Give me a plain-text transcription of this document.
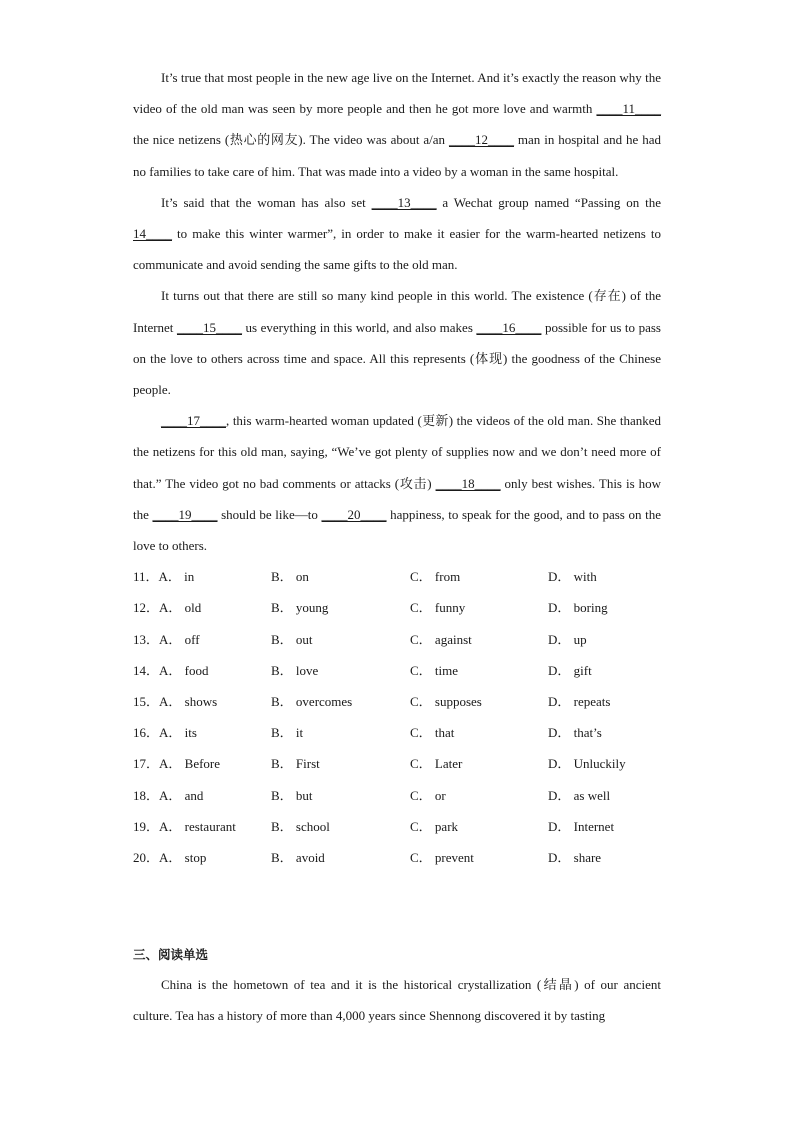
It’s true that most people in the new age live on the Internet. And it’s exactly the reason why the video of the old man was seen by more people and then he got more love and warmth ____11____ the nice netizens (热心的网友). The video was about a/an ____12____ man in hospital and he had no families to take care of him. That was made into a video by a woman in the same hospital.

It’s said that the woman has also set ____13____ a Wechat group named “Passing on the 14____ to make this winter warmer”, in order to make it easier for the warm-hearted netizens to communicate and avoid sending the same gifts to the old man.

It turns out that there are still so many kind people in this world. The existence (存在) of the Internet ____15____ us everything in this world, and also makes ____16____ possible for us to pass on the love to others across time and space. All this represents (体现) the goodness of the Chinese people.

____17____, this warm-hearted woman updated (更新) the videos of the old man. She thanked the netizens for this old man, saying, “We’ve got plenty of supplies now and we don’t need more of that.” The video got no bad comments or attacks (攻击) ____18____ only best wishes. This is how the ____19____ should be like—to ____20____ happiness, to speak for the good, and to pass on the love to others.

11．A． in	B． on	C． from	D． with
12．A． old	B． young	C． funny	D． boring
13．A． off	B． out	C． against	D． up
14．A． food	B． love	C． time	D． gift
15．A． shows	B． overcomes	C． supposes	D． repeats
16．A． its	B． it	C． that	D． that’s
17．A． Before	B． First	C． Later	D． Unluckily
18．A． and	B． but	C． or	D． as well
19．A． restaurant	B． school	C． park	D． Internet
20．A． stop	B． avoid	C． prevent	D． share
三、阅读单选

China is the hometown of tea and it is the historical crystallization (结晶) of our ancient culture. Tea has a history of more than 4,000 years since Shennong discovered it by tasting
